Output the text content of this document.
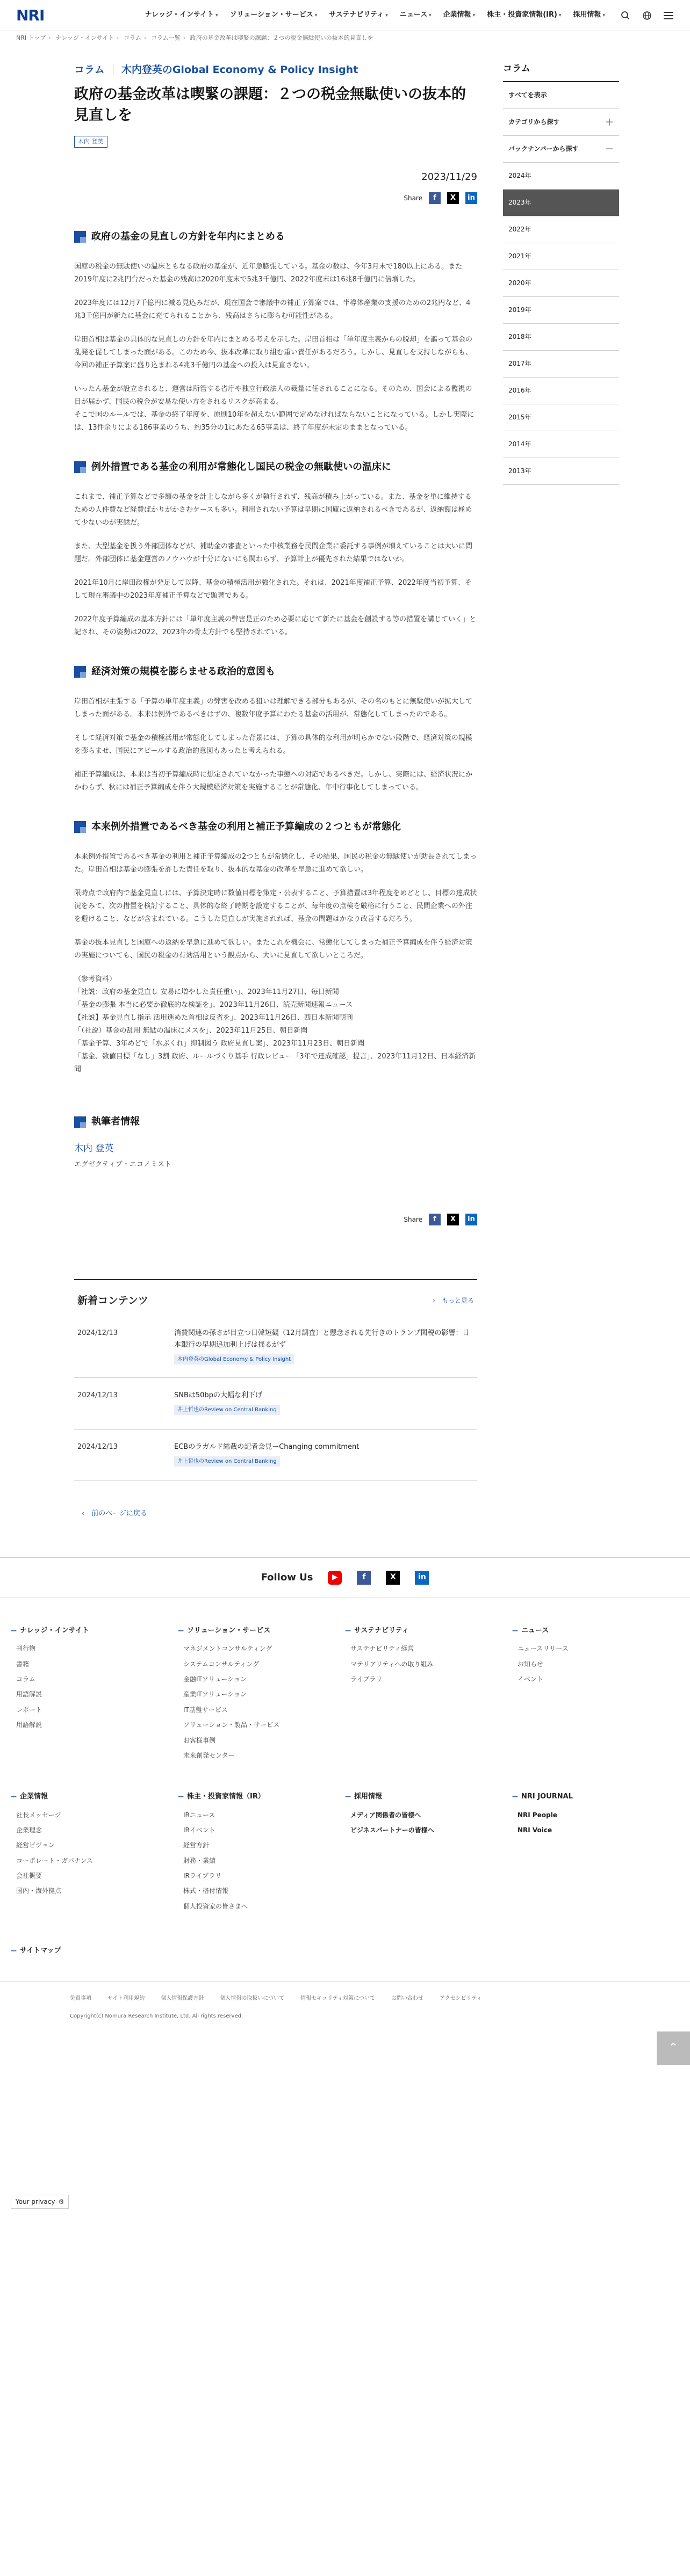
NRI	ナレッジ・インサイト ▾ ソリューション・サービス ▾ サステナビリティ ▾ ニュース ▾ 企業情報 ▾ 株主・投資家情報(IR) ▾ 採用情報 ▾
NRI トップ › ナレッジ・インサイト › コラム › コラム一覧 › 政府の基金改革は喫緊の課題：２つの税金無駄使いの抜本的見直しを
コラム ｜ 木内登英のGlobal Economy & Policy Insight
政府の基金改革は喫緊の課題：２つの税金無駄使いの抜本的見直しを
木内 登英
2023/11/29
Share	f	X	in
政府の基金の見直しの方針を年内にまとめる

国庫の税金の無駄使いの温床ともなる政府の基金が、近年急膨張している。基金の数は、今年3月末で180以上にある。また2019年度に2兆円台だった基金の残高は2020年度末で5兆3千億円、2022年度末は16兆8千億円に倍増した。

2023年度には12月7千億円に減る見込みだが、現在国会で審議中の補正予算案では、半導体産業の支援のための2兆円など、4兆3千億円が新たに基金に充てられることから、残高はさらに膨らむ可能性がある。

岸田首相は基金の具体的な見直しの方針を年内にまとめる考えを示した。岸田首相は「単年度主義からの脱却」を謳って基金の乱発を促してしまった面がある。このため今、抜本改革に取り組む重い責任があるだろう。しかし、見直しを支持しながらも、今回の補正予算案に盛り込まれる4兆3千億円の基金への投入は見直さない。

いったん基金が設立されると、運営は所管する省庁や独立行政法人の裁量に任されることになる。そのため、国会による監視の目が届かず、国民の税金が安易な使い方をされるリスクが高まる。
そこで国のルールでは、基金の終了年度を、原則10年を超えない範囲で定めなければならないことになっている。しかし実際には、13件余りによる186事業のうち、約35分の1にあたる65事業は、終了年度が未定のままとなっている。

例外措置である基金の利用が常態化し国民の税金の無駄使いの温床に

これまで、補正予算などで多額の基金を計上しながら多くが執行されず、残高が積み上がっている。また、基金を単に維持するための人件費など経費ばかりがかさむケースも多い。利用されない予算は早期に国庫に返納されるべきであるが、返納額は極めて少ないのが実態だ。

また、大型基金を扱う外部団体などが、補助金の審査といった中核業務を民間企業に委託する事例が増えていることは大いに問題だ。外部団体に基金運営のノウハウが十分にないにも関わらず、予算計上が優先された結果ではないか。

2021年10月に岸田政権が発足して以降、基金の積極活用が強化された。それは、2021年度補正予算、2022年度当初予算、そして現在審議中の2023年度補正予算などで顕著である。

2022年度予算編成の基本方針には「単年度主義の弊害是正のため必要に応じて新たに基金を創設する等の措置を講じていく」と記され、その姿勢は2022、2023年の骨太方針でも堅持されている。

経済対策の規模を膨らませる政治的意図も

岸田首相が主張する「予算の単年度主義」の弊害を改める狙いは理解できる部分もあるが、その名のもとに無駄使いが拡大してしまった面がある。本来は例外であるべきはずの、複数年度予算にわたる基金の活用が、常態化してしまったのである。

そして経済対策で基金の積極活用が常態化してしまった背景には、予算の具体的な利用が明らかでない段階で、経済対策の規模を膨らませ、国民にアピールする政治的意図もあったと考えられる。

補正予算編成は、本来は当初予算編成時に想定されていなかった事態への対応であるべきだ。しかし、実際には、経済状況にかかわらず、秋には補正予算編成を伴う大規模経済対策を実施することが常態化、年中行事化してしまっている。

本来例外措置であるべき基金の利用と補正予算編成の２つともが常態化

本来例外措置であるべき基金の利用と補正予算編成の2つともが常態化し、その結果、国民の税金の無駄使いが助長されてしまった。岸田首相は基金の膨張を許した責任を取り、抜本的な基金の改革を早急に進めて欲しい。

限時点で政府内で基金見直しには、予算決定時に数値目標を策定・公表すること、予算措置は3年程度をめどとし、目標の達成状況をみて、次の措置を検討すること、具体的な終了時期を設定することが、毎年度の点検を厳格に行うこと、民間企業への外注を避けること、などが含まれている。こうした見直しが実施されれば、基金の問題はかなり改善するだろう。

基金の抜本見直しと国庫への返納を早急に進めて欲しい。またこれを機会に、常態化してしまった補正予算編成を伴う経済対策の実施についても、国民の税金の有効活用という観点から、大いに見直して欲しいところだ。

（参考資料）
「社説：政府の基金見直し 安易に増やした責任重い」、2023年11月27日、毎日新聞
「基金の膨張 本当に必要か徹底的な検証を」、2023年11月26日、読売新聞速報ニュース
【社説】基金見直し指示 活用進めた首相は反省を」、2023年11月26日、西日本新聞朝刊
「（社説）基金の乱用 無駄の温床にメスを」、2023年11月25日、朝日新聞
「基金予算、3年めどで「水ぶくれ」抑制図う 政府見直し案」、2023年11月23日、朝日新聞
「基金、数値目標「なし」3割 政府、ルールづくり基手 行政レビュー「3年で達成確認」提言」、2023年11月12日、日本経済新聞
執筆者情報
木内 登英
エグゼクティブ・エコノミスト
Share	f	X	in
新着コンテンツ	›　もっと見る
2024/12/13	消費関連の孫さが目立つ日韓短観（12月調査）と懸念される先行きのトランプ関税の影響：日本銀行の早期追加利上げは揺るがず
木内登英のGlobal Economy & Policy Insight
2024/12/13	SNBは50bpの大幅な利下げ
井上哲也のReview on Central Banking
2024/12/13	ECBのラガルド総裁の記者会見ーChanging commitment
井上哲也のReview on Central Banking
‹　前のページに戻る
コラム
すべてを表示
カテゴリから探す	＋
バックナンバーから探す	－
2024年
2023年
2022年
2021年
2020年
2019年
2018年
2017年
2016年
2015年
2014年
2013年
Follow Us	▶	f	X	in
— ナレッジ・インサイト
刊行物
書籍
コラム
用語解説
レポート
用語解説
— ソリューション・サービス
マネジメントコンサルティング
システムコンサルティング
金融ITソリューション
産業ITソリューション
IT基盤サービス
ソリューション・製品・サービス
お客様事例
未来創発センター
— サステナビリティ
サステナビリティ経営
マテリアリティへの取り組み
ライブラリ
— ニュース
ニュースリリース
お知らせ
イベント
— 企業情報
社長メッセージ
企業理念
経営ビジョン
コーポレート・ガバナンス
会社概要
国内・海外拠点
— 株主・投資家情報（IR）
IRニュース
IRイベント
経営方針
財務・業績
IRライブラリ
株式・格付情報
個人投資家の皆さまへ
— 採用情報
メディア関係者の皆様へ
ビジネスパートナーの皆様へ
— NRI JOURNAL
NRI People
NRI Voice
— サイトマップ
免責事項	サイト利用規約	個人情報保護方針	個人情報の取扱いについて	情報セキュリティ対策について	お問い合わせ	アクセシビリティ
Copyright(c) Nomura Research Institute, Ltd. All rights reserved.
Your privacy ⚙
⌃
